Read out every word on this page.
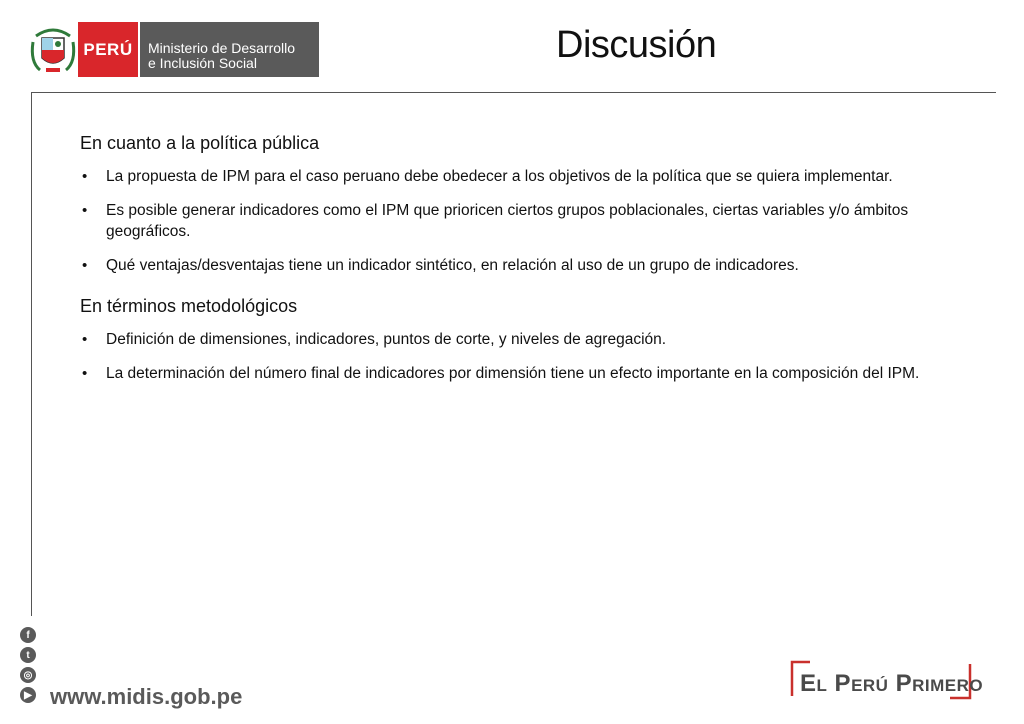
PERÚ Ministerio de Desarrollo
e Inclusión Social	Discusión
En cuanto a la política pública
• La propuesta de IPM para el caso peruano debe obedecer a los objetivos de la política que se quiera implementar.
• Es posible generar indicadores como el IPM que prioricen ciertos grupos poblacionales, ciertas variables y/o ámbitos geográficos.
• Qué ventajas/desventajas tiene un indicador sintético, en relación al uso de un grupo de indicadores.
En términos metodológicos
• Definición de dimensiones, indicadores, puntos de corte, y niveles de agregación.
• La determinación del número final de indicadores por dimensión tiene un efecto importante en la composición del IPM.
f
t
◎
▶ www.midis.gob.pe	El Perú Primero
